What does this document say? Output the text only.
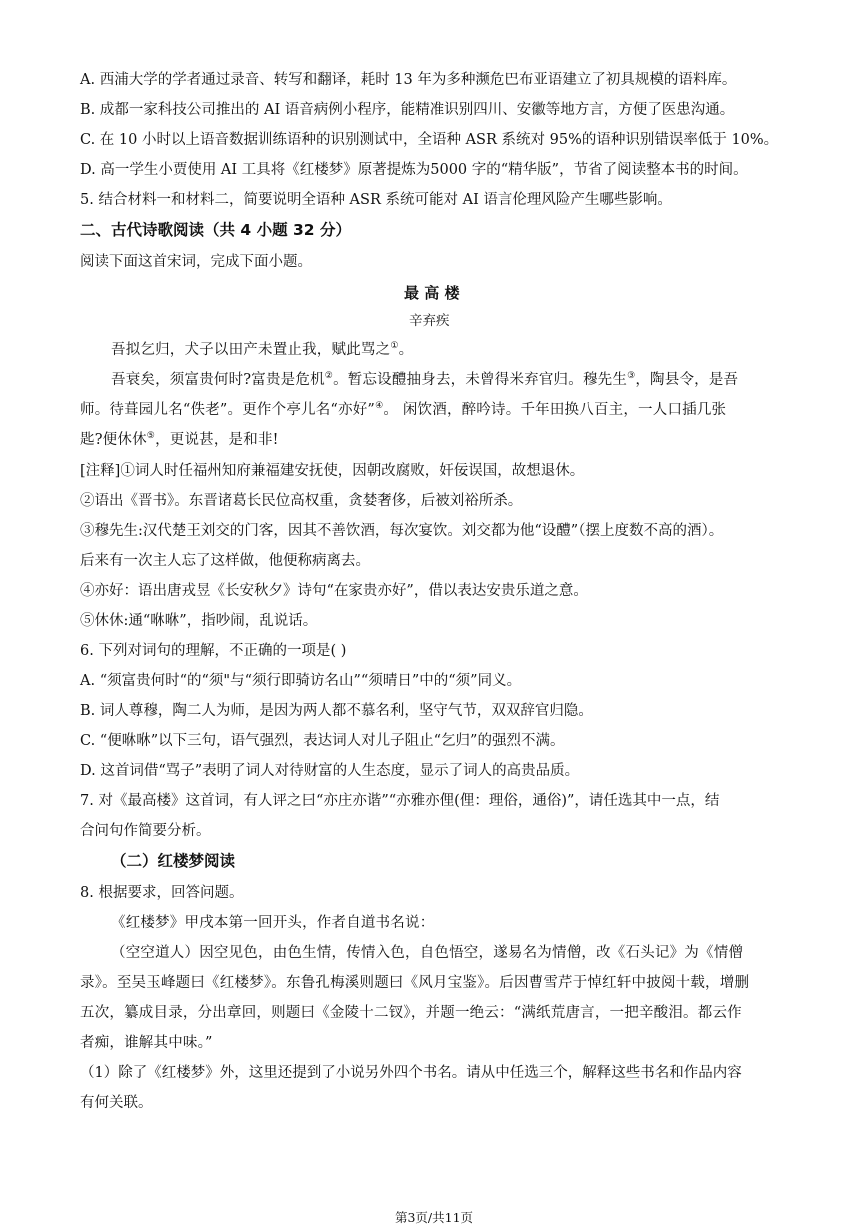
A. 西浦大学的学者通过录音、转写和翻译，耗时 13 年为多种濒危巴布亚语建立了初具规模的语料库。
B. 成都一家科技公司推出的 AI 语音病例小程序，能精准识别四川、安徽等地方言，方便了医患沟通。
C. 在 10 小时以上语音数据训练语种的识别测试中，全语种 ASR 系统对 95%的语种识别错误率低于 10%。
D. 高一学生小贾使用 AI 工具将《红楼梦》原著提炼为5000 字的“精华版”，节省了阅读整本书的时间。
5. 结合材料一和材料二，简要说明全语种 ASR 系统可能对 AI 语言伦理风险产生哪些影响。
二、古代诗歌阅读（共 4 小题 32 分）
阅读下面这首宋词，完成下面小题。
最 高 楼
辛弃疾
吾拟乞归，犬子以田产未置止我，赋此骂之①。
吾衰矣，须富贵何时?富贵是危机②。暂忘设醴抽身去，未曾得米弃官归。穆先生③，陶县令，是吾
师。待葺园儿名“佚老”。更作个亭儿名“亦好”④。 闲饮酒，醉吟诗。千年田换八百主，一人口插几张
匙?便休休⑤，更说甚，是和非!
[注释]①词人时任福州知府兼福建安抚使，因朝改腐败，奸佞误国，故想退休。
②语出《晋书》。东晋诸葛长民位高权重，贪婪奢侈，后被刘裕所杀。
③穆先生:汉代楚王刘交的门客，因其不善饮酒，每次宴饮。刘交都为他“设醴”（摆上度数不高的酒）。
后来有一次主人忘了这样做，他便称病离去。
④亦好：语出唐戎昱《长安秋夕》诗句“在家贵亦好”，借以表达安贵乐道之意。
⑤休休:通“咻咻”，指吵闹，乱说话。
6. 下列对词句的理解，不正确的一项是( )
A. “须富贵何时“的“须"与“须行即骑访名山”“须晴日”中的“须”同义。
B. 词人尊穆，陶二人为师，是因为两人都不慕名利，坚守气节，双双辞官归隐。
C. “便咻咻”以下三句，语气强烈，表达词人对儿子阻止“乞归”的强烈不满。
D. 这首词借“骂子”表明了词人对待财富的人生态度，显示了词人的高贵品质。
7. 对《最高楼》这首词，有人评之曰“亦庄亦谐”“亦雅亦俚(俚：理俗，通俗)”，请任选其中一点，结
合问句作简要分析。
（二）红楼梦阅读
8. 根据要求，回答问题。
《红楼梦》甲戌本第一回开头，作者自道书名说：
（空空道人）因空见色，由色生情，传情入色，自色悟空，遂易名为情僧，改《石头记》为《情僧
录》。至吴玉峰题曰《红楼梦》。东鲁孔梅溪则题曰《风月宝鉴》。后因曹雪芹于悼红轩中披阅十载，增删
五次，纂成目录，分出章回，则题曰《金陵十二钗》，并题一绝云：“满纸荒唐言，一把辛酸泪。都云作
者痴，谁解其中味。”
（1）除了《红楼梦》外，这里还提到了小说另外四个书名。请从中任选三个，解释这些书名和作品内容
有何关联。
第3页/共11页
